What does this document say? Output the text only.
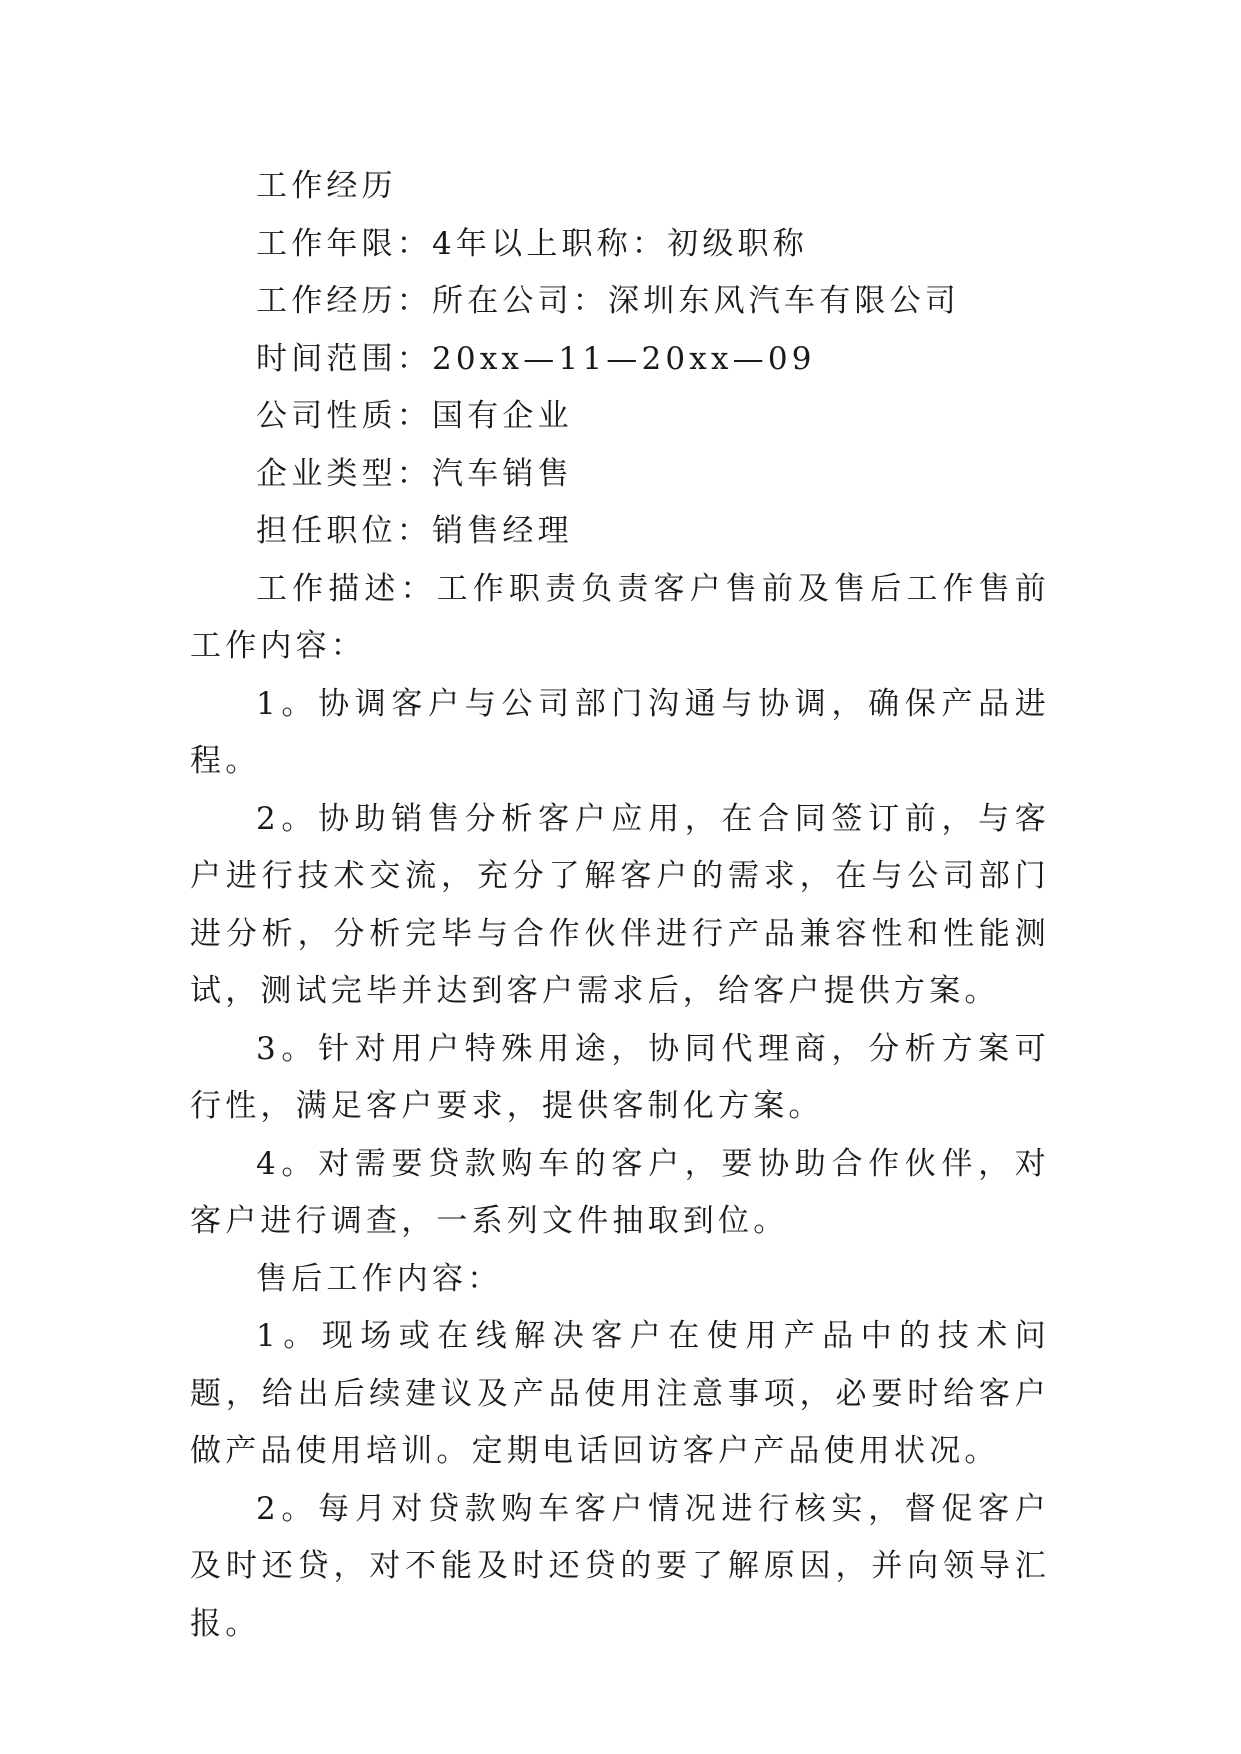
工作经历

工作年限：4年以上职称：初级职称

工作经历：所在公司：深圳东风汽车有限公司

时间范围：20xx—11—20xx—09

公司性质：国有企业

企业类型：汽车销售

担任职位：销售经理

工作描述：工作职责负责客户售前及售后工作售前工作内容：

1。协调客户与公司部门沟通与协调，确保产品进程。

2。协助销售分析客户应用，在合同签订前，与客户进行技术交流，充分了解客户的需求，在与公司部门进分析，分析完毕与合作伙伴进行产品兼容性和性能测试，测试完毕并达到客户需求后，给客户提供方案。

3。针对用户特殊用途，协同代理商，分析方案可行性，满足客户要求，提供客制化方案。

4。对需要贷款购车的客户，要协助合作伙伴，对客户进行调查，一系列文件抽取到位。

售后工作内容：

1。现场或在线解决客户在使用产品中的技术问题，给出后续建议及产品使用注意事项，必要时给客户做产品使用培训。定期电话回访客户产品使用状况。

2。每月对贷款购车客户情况进行核实，督促客户及时还贷，对不能及时还贷的要了解原因，并向领导汇报。
